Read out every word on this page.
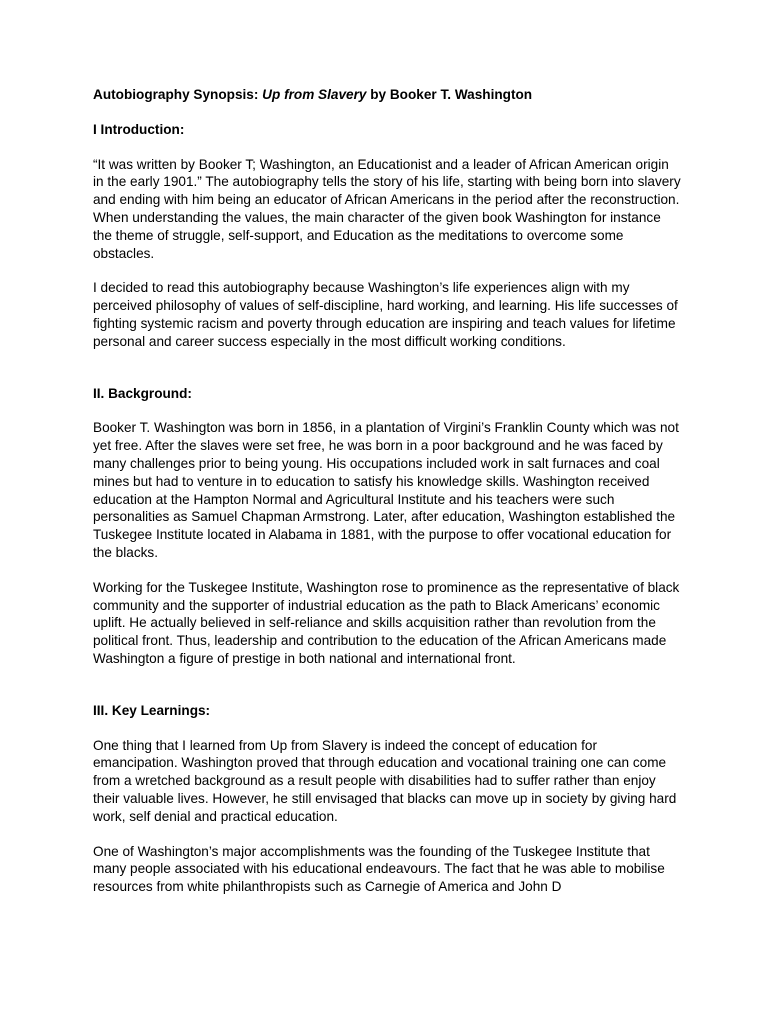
Autobiography Synopsis: Up from Slavery by Booker T. Washington

I Introduction:

“It was written by Booker T; Washington, an Educationist and a leader of African American origin in the early 1901.” The autobiography tells the story of his life, starting with being born into slavery and ending with him being an educator of African Americans in the period after the reconstruction. When understanding the values, the main character of the given book Washington for instance the theme of struggle, self-support, and Education as the meditations to overcome some obstacles.

I decided to read this autobiography because Washington’s life experiences align with my perceived philosophy of values of self-discipline, hard working, and learning. His life successes of fighting systemic racism and poverty through education are inspiring and teach values for lifetime personal and career success especially in the most difficult working conditions.

II. Background:

Booker T. Washington was born in 1856, in a plantation of Virgini’s Franklin County which was not yet free. After the slaves were set free, he was born in a poor background and he was faced by many challenges prior to being young. His occupations included work in salt furnaces and coal mines but had to venture in to education to satisfy his knowledge skills. Washington received education at the Hampton Normal and Agricultural Institute and his teachers were such personalities as Samuel Chapman Armstrong. Later, after education, Washington established the Tuskegee Institute located in Alabama in 1881, with the purpose to offer vocational education for the blacks.

Working for the Tuskegee Institute, Washington rose to prominence as the representative of black community and the supporter of industrial education as the path to Black Americans’ economic uplift. He actually believed in self-reliance and skills acquisition rather than revolution from the political front. Thus, leadership and contribution to the education of the African Americans made Washington a figure of prestige in both national and international front.

III. Key Learnings:

One thing that I learned from Up from Slavery is indeed the concept of education for emancipation. Washington proved that through education and vocational training one can come from a wretched background as a result people with disabilities had to suffer rather than enjoy their valuable lives. However, he still envisaged that blacks can move up in society by giving hard work, self denial and practical education.

One of Washington’s major accomplishments was the founding of the Tuskegee Institute that many people associated with his educational endeavours. The fact that he was able to mobilise resources from white philanthropists such as Carnegie of America and John D
